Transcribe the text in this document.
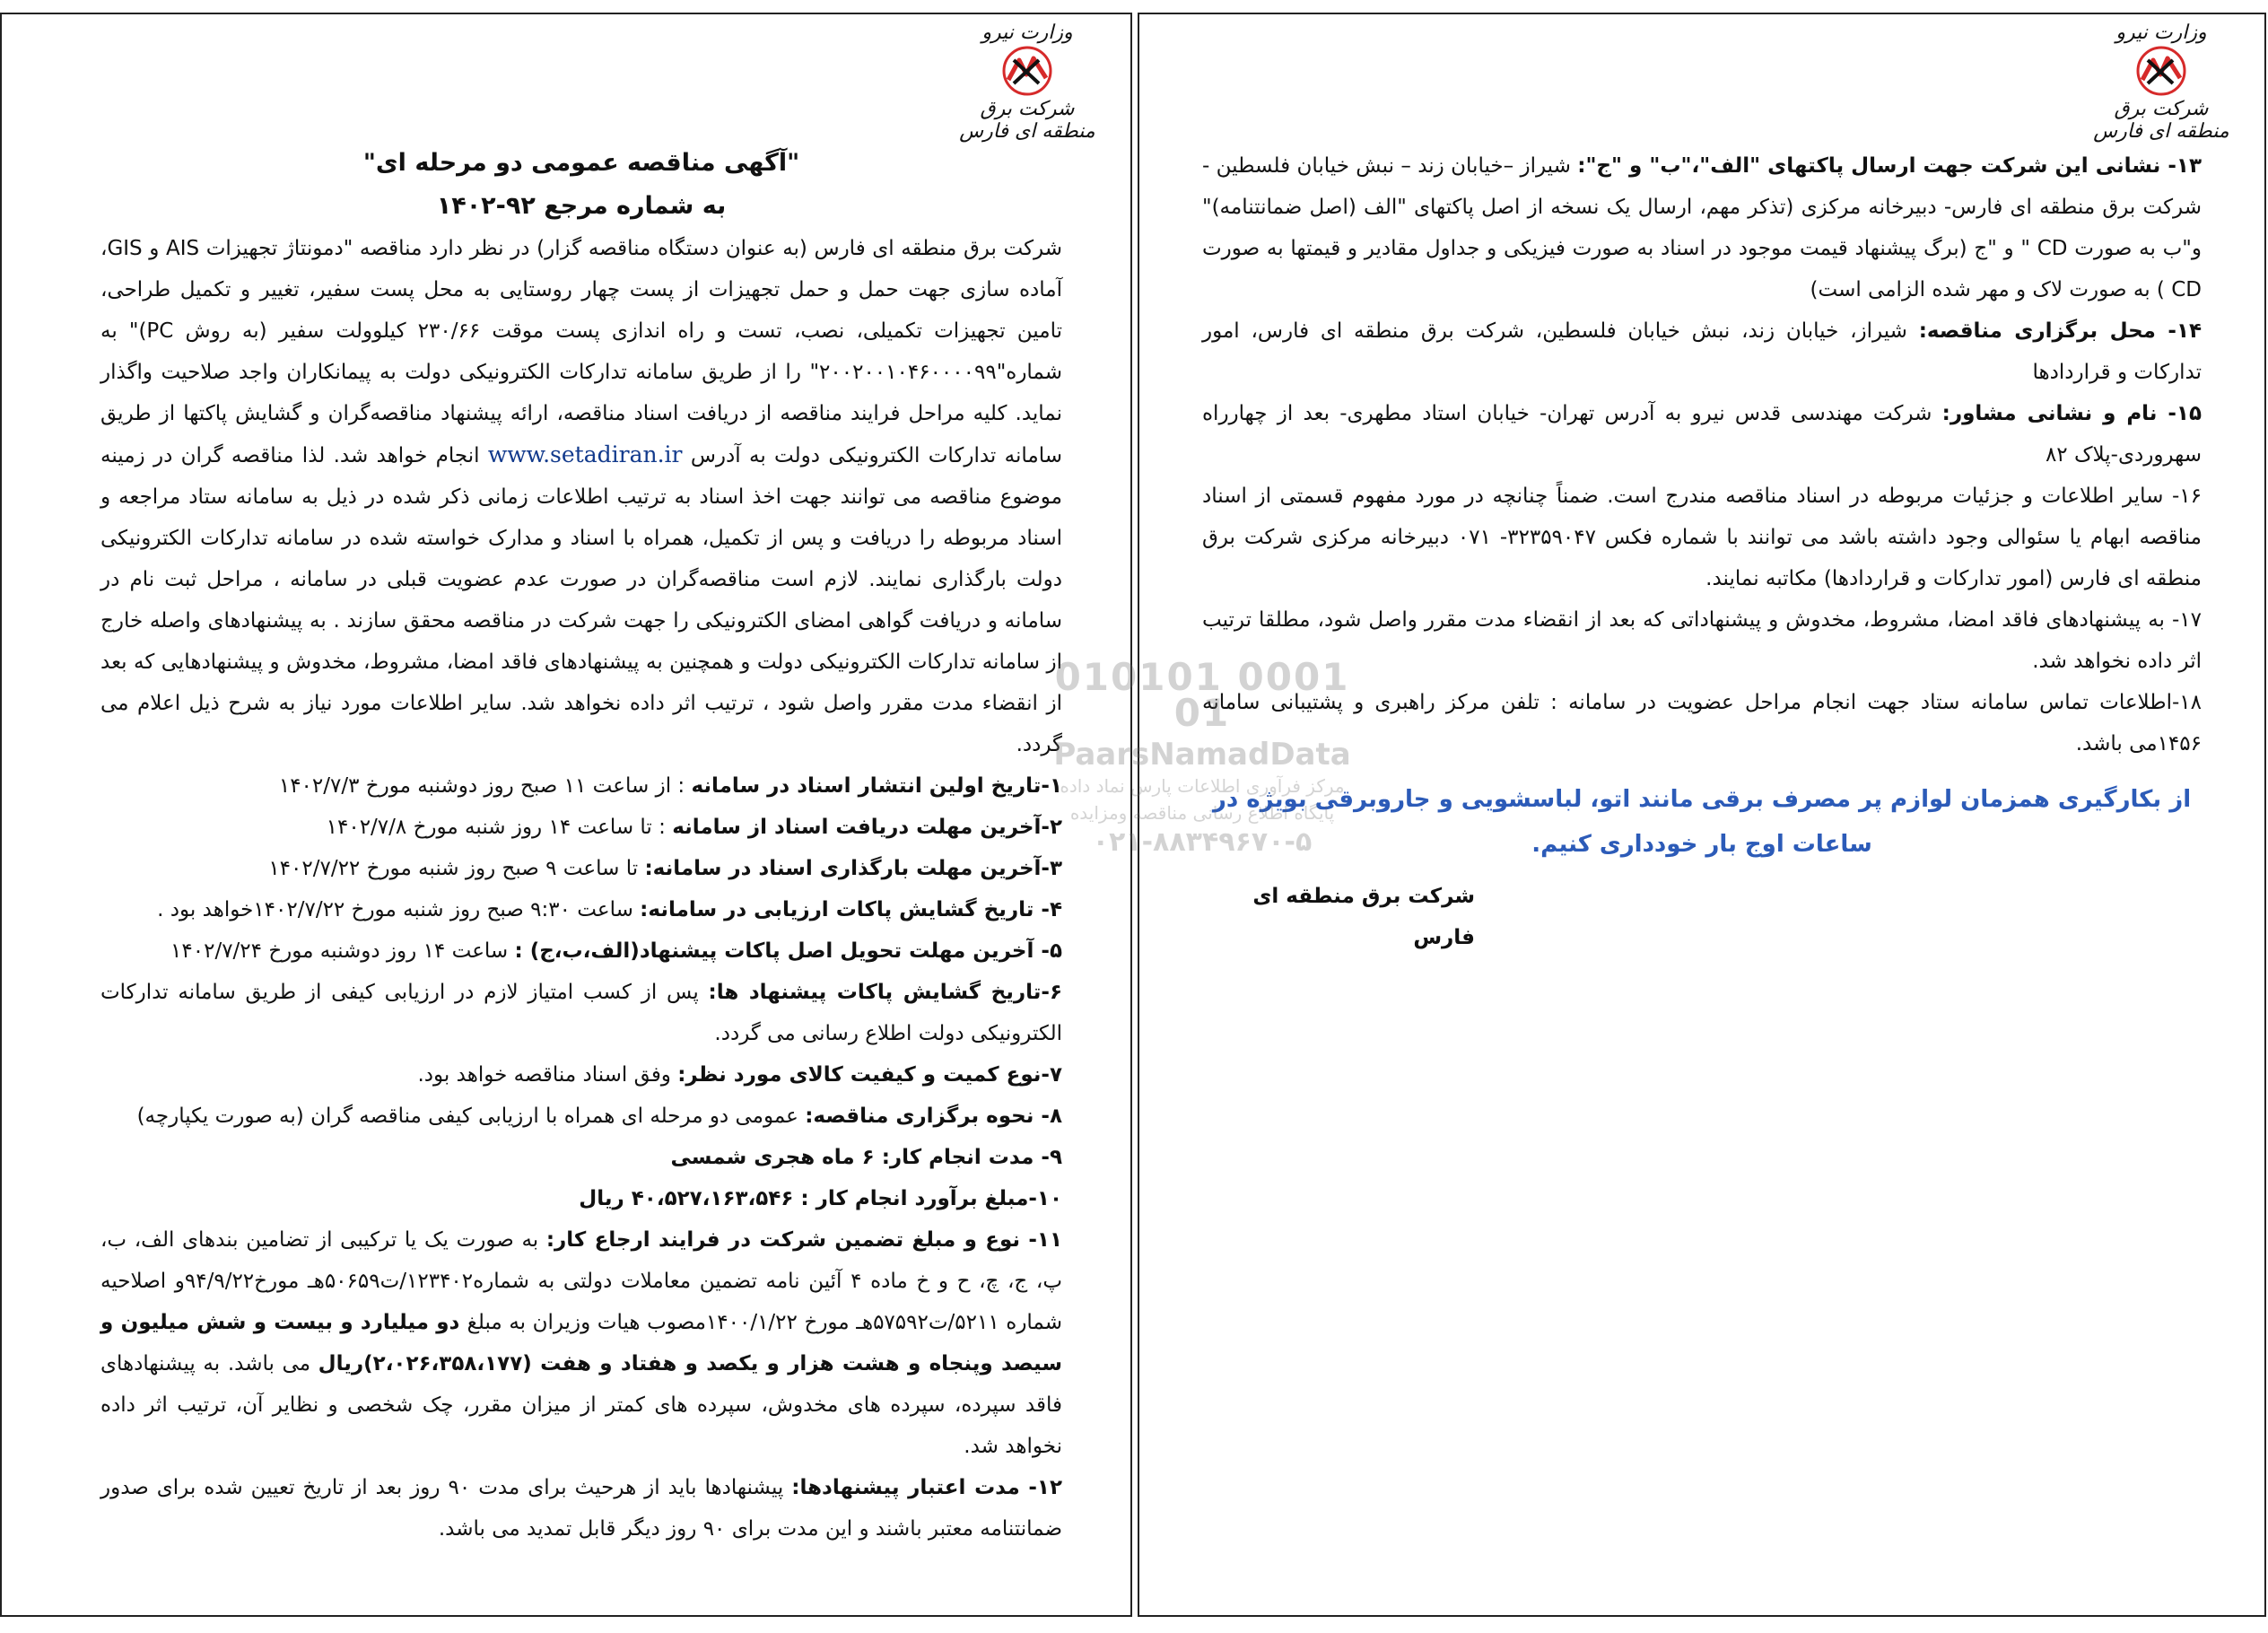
وزارت نیرو
شرکت برق منطقه ای فارس
"آگهی مناقصه عمومی دو مرحله ای"
به شماره مرجع ۹۲-۱۴۰۲

شرکت برق منطقه ای فارس (به عنوان دستگاه مناقصه گزار) در نظر دارد مناقصه "دمونتاژ تجهیزات AIS و GIS، آماده سازی جهت حمل و حمل تجهیزات از پست چهار روستایی به محل پست سفیر، تغییر و تکمیل طراحی، تامین تجهیزات تکمیلی، نصب، تست و راه اندازی پست موقت ۲۳۰/۶۶ کیلوولت سفیر (به روش PC)" به شماره"۲۰۰۲۰۰۱۰۴۶۰۰۰۰۹۹" را از طریق سامانه تدارکات الکترونیکی دولت به پیمانکاران واجد صلاحیت واگذار نماید. کلیه مراحل فرایند مناقصه از دریافت اسناد مناقصه، ارائه پیشنهاد مناقصه‌گران و گشایش پاکتها از طریق سامانه تدارکات الکترونیکی دولت به آدرس www.setadiran.ir انجام خواهد شد. لذا مناقصه گران در زمینه موضوع مناقصه می توانند جهت اخذ اسناد به ترتیب اطلاعات زمانی ذکر شده در ذیل به سامانه ستاد مراجعه و اسناد مربوطه را دریافت و پس از تکمیل، همراه با اسناد و مدارک خواسته شده در سامانه تدارکات الکترونیکی دولت بارگذاری نمایند. لازم است مناقصه‌گران در صورت عدم عضویت قبلی در سامانه ، مراحل ثبت نام در سامانه و دریافت گواهی امضای الکترونیکی را جهت شرکت در مناقصه محقق سازند . به پیشنهادهای واصله خارج از سامانه تدارکات الکترونیکی دولت و همچنین به پیشنهادهای فاقد امضا، مشروط، مخدوش و پیشنهادهایی که بعد از انقضاء مدت مقرر واصل شود ، ترتیب اثر داده نخواهد شد. سایر اطلاعات مورد نیاز به شرح ذیل اعلام می گردد.

۱-تاریخ اولین انتشار اسناد در سامانه : از ساعت ۱۱ صبح روز دوشنبه مورخ ۱۴۰۲/۷/۳

۲-آخرین مهلت دریافت اسناد از سامانه : تا ساعت ۱۴ روز شنبه مورخ ۱۴۰۲/۷/۸

۳-آخرین مهلت بارگذاری اسناد در سامانه: تا ساعت ۹ صبح روز شنبه مورخ ۱۴۰۲/۷/۲۲

۴- تاریخ گشایش پاکات ارزیابی در سامانه: ساعت ۹:۳۰ صبح روز شنبه مورخ ۱۴۰۲/۷/۲۲خواهد بود .

۵- آخرین مهلت تحویل اصل پاکات پیشنهاد(الف،ب،ج) : ساعت ۱۴ روز دوشنبه مورخ ۱۴۰۲/۷/۲۴

۶-تاریخ گشایش پاکات پیشنهاد ها: پس از کسب امتیاز لازم در ارزیابی کیفی از طریق سامانه تدارکات الکترونیکی دولت اطلاع رسانی می گردد.

۷-نوع کمیت و کیفیت کالای مورد نظر: وفق اسناد مناقصه خواهد بود.

۸- نحوه برگزاری مناقصه: عمومی دو مرحله ای همراه با ارزیابی کیفی مناقصه گران (به صورت یکپارچه)

۹- مدت انجام کار: ۶ ماه هجری شمسی

۱۰-مبلغ برآورد انجام کار : ۴۰،۵۲۷،۱۶۳،۵۴۶ ریال

۱۱- نوع و مبلغ تضمین شرکت در فرایند ارجاع کار: به صورت یک یا ترکیبی از تضامین بندهای الف، ب، پ، ج، چ، ح و خ ماده ۴ آئین نامه تضمین معاملات دولتی به شماره۱۲۳۴۰۲/ت۵۰۶۵۹هـ مورخ۹۴/۹/۲۲و اصلاحیه شماره ۵۲۱۱/ت۵۷۵۹۲هـ مورخ ۱۴۰۰/۱/۲۲مصوب هیات وزیران به مبلغ دو میلیارد و بیست و شش میلیون و سیصد وپنجاه و هشت هزار و یکصد و هفتاد و هفت (۲،۰۲۶،۳۵۸،۱۷۷)ریال می باشد. به پیشنهادهای فاقد سپرده، سپرده های مخدوش، سپرده های کمتر از میزان مقرر، چک شخصی و نظایر آن، ترتیب اثر داده نخواهد شد.

۱۲- مدت اعتبار پیشنهادها: پیشنهادها باید از هرحیث برای مدت ۹۰ روز بعد از تاریخ تعیین شده برای صدور ضمانتنامه معتبر باشند و این مدت برای ۹۰ روز دیگر قابل تمدید می باشد.

وزارت نیرو
شرکت برق منطقه ای فارس

۱۳- نشانی این شرکت جهت ارسال پاکتهای "الف"،"ب" و "ج": شیراز –خیابان زند – نبش خیابان فلسطین - شرکت برق منطقه ای فارس- دبیرخانه مرکزی (تذکر مهم، ارسال یک نسخه از اصل پاکتهای "الف (اصل ضمانتنامه)" و"ب به صورت CD " و "ج (برگ پیشنهاد قیمت موجود در اسناد به صورت فیزیکی و جداول مقادیر و قیمتها به صورت CD ) به صورت لاک و مهر شده الزامی است)

۱۴- محل برگزاری مناقصه: شیراز، خیابان زند، نبش خیابان فلسطین، شرکت برق منطقه ای فارس، امور تدارکات و قراردادها

۱۵- نام و نشانی مشاور: شرکت مهندسی قدس نیرو به آدرس تهران- خیابان استاد مطهری- بعد از چهارراه سهروردی-پلاک ۸۲

۱۶- سایر اطلاعات و جزئیات مربوطه در اسناد مناقصه مندرج است. ضمناً چنانچه در مورد مفهوم قسمتی از اسناد مناقصه ابهام یا سئوالی وجود داشته باشد می توانند با شماره فکس ۳۲۳۵۹۰۴۷- ۰۷۱ دبیرخانه مرکزی شرکت برق منطقه ای فارس (امور تدارکات و قراردادها) مکاتبه نمایند.

۱۷- به پیشنهادهای فاقد امضا، مشروط، مخدوش و پیشنهاداتی که بعد از انقضاء مدت مقرر واصل شود، مطلقا ترتیب اثر داده نخواهد شد.

۱۸-اطلاعات تماس سامانه ستاد جهت انجام مراحل عضویت در سامانه : تلفن مرکز راهبری و پشتیبانی سامانه ۱۴۵۶می باشد.

از بکارگیری همزمان لوازم پر مصرف برقی مانند اتو، لباسشویی و جاروبرقی بویژه در ساعات اوج بار خودداری کنیم.

شرکت برق منطقه ای فارس

010101 0001 01
PaarsNamadData
مرکز فرآوری اطلاعات پارس نماد داده
پایگاه اطلاع رسانی مناقصه ومزایده
۰۲۱-۸۸۳۴۹۶۷۰-۵
